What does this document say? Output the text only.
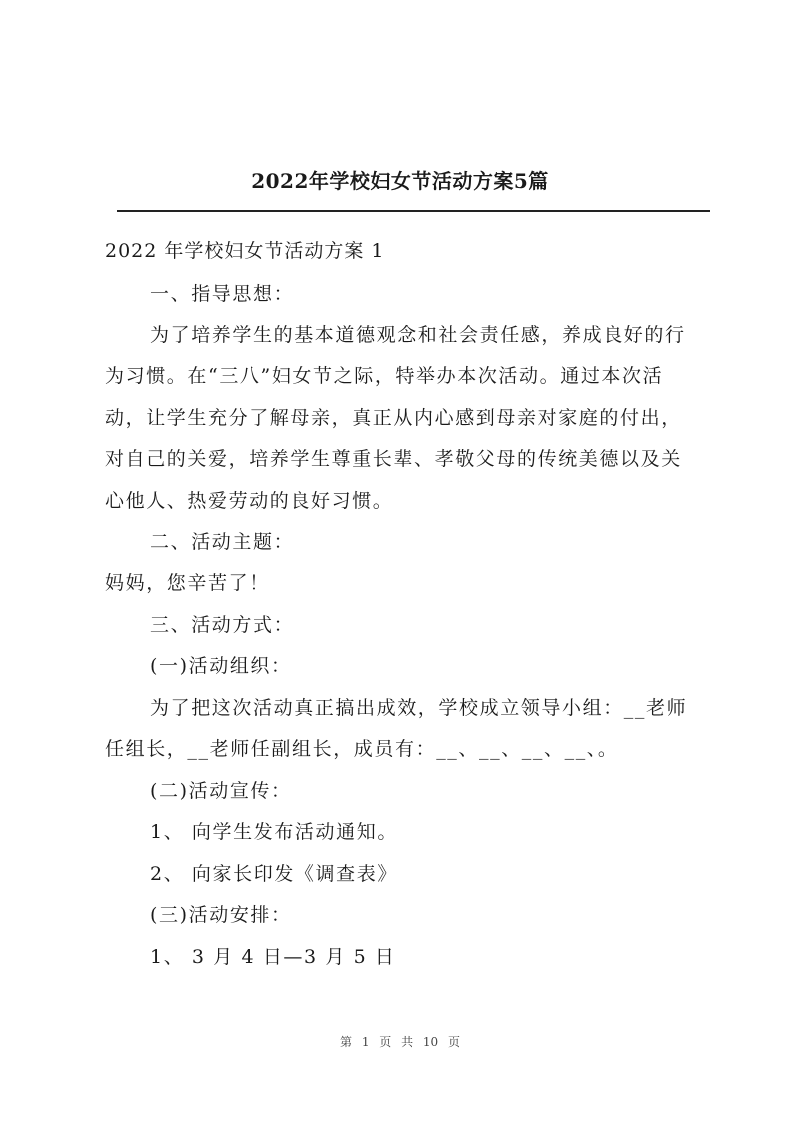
2022年学校妇女节活动方案5篇
2022 年学校妇女节活动方案 1
一、指导思想：
为了培养学生的基本道德观念和社会责任感，养成良好的行
为习惯。在“三八”妇女节之际，特举办本次活动。通过本次活
动，让学生充分了解母亲，真正从内心感到母亲对家庭的付出，
对自己的关爱，培养学生尊重长辈、孝敬父母的传统美德以及关
心他人、热爱劳动的良好习惯。
二、活动主题：
妈妈，您辛苦了！
三、活动方式：
(一)活动组织：
为了把这次活动真正搞出成效，学校成立领导小组：__老师
任组长，__老师任副组长，成员有：__、__、__、__、。
(二)活动宣传：
1、 向学生发布活动通知。
2、 向家长印发《调查表》
(三)活动安排：
1、 3 月 4 日—3 月 5 日
第 1 页 共 10 页
